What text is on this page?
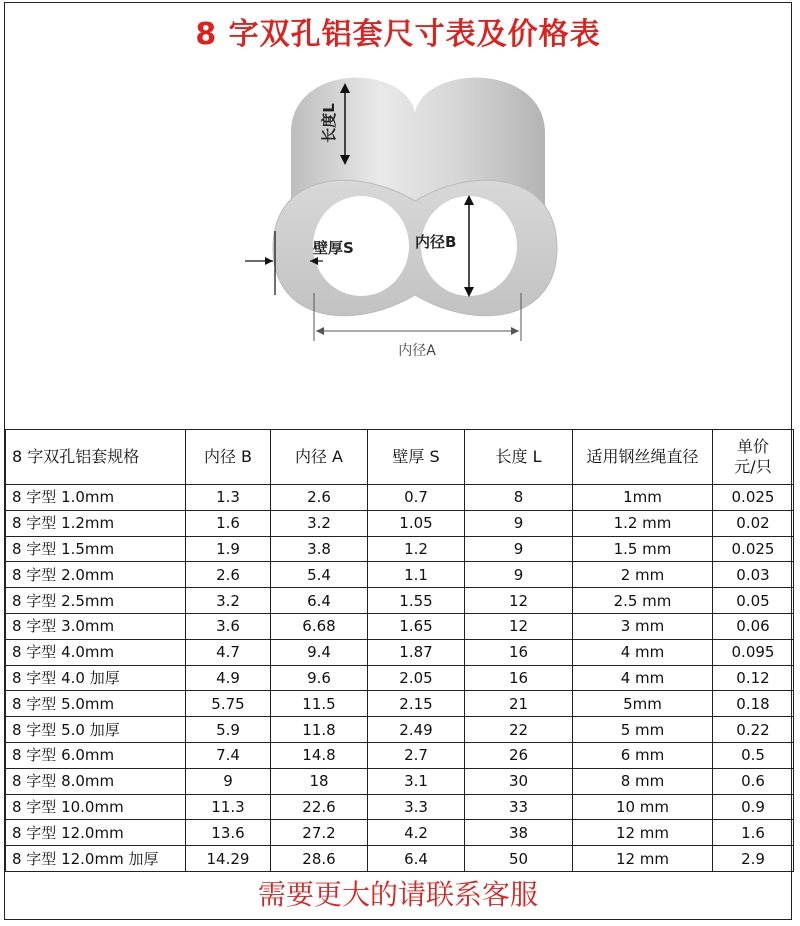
8 字双孔铝套尺寸表及价格表
长度L
壁厚S	内径B
内径A
8 字双孔铝套规格	内径 B	内径 A	壁厚 S	长度 L	适用钢丝绳直径	单价
元/只
8 字型 1.0mm	1.3	2.6	0.7	8	1mm	0.025
8 字型 1.2mm	1.6	3.2	1.05	9	1.2 mm	0.02
8 字型 1.5mm	1.9	3.8	1.2	9	1.5 mm	0.025
8 字型 2.0mm	2.6	5.4	1.1	9	2 mm	0.03
8 字型 2.5mm	3.2	6.4	1.55	12	2.5 mm	0.05
8 字型 3.0mm	3.6	6.68	1.65	12	3 mm	0.06
8 字型 4.0mm	4.7	9.4	1.87	16	4 mm	0.095
8 字型 4.0 加厚	4.9	9.6	2.05	16	4 mm	0.12
8 字型 5.0mm	5.75	11.5	2.15	21	5mm	0.18
8 字型 5.0 加厚	5.9	11.8	2.49	22	5 mm	0.22
8 字型 6.0mm	7.4	14.8	2.7	26	6 mm	0.5
8 字型 8.0mm	9	18	3.1	30	8 mm	0.6
8 字型 10.0mm	11.3	22.6	3.3	33	10 mm	0.9
8 字型 12.0mm	13.6	27.2	4.2	38	12 mm	1.6
8 字型 12.0mm 加厚	14.29	28.6	6.4	50	12 mm	2.9
需要更大的请联系客服
